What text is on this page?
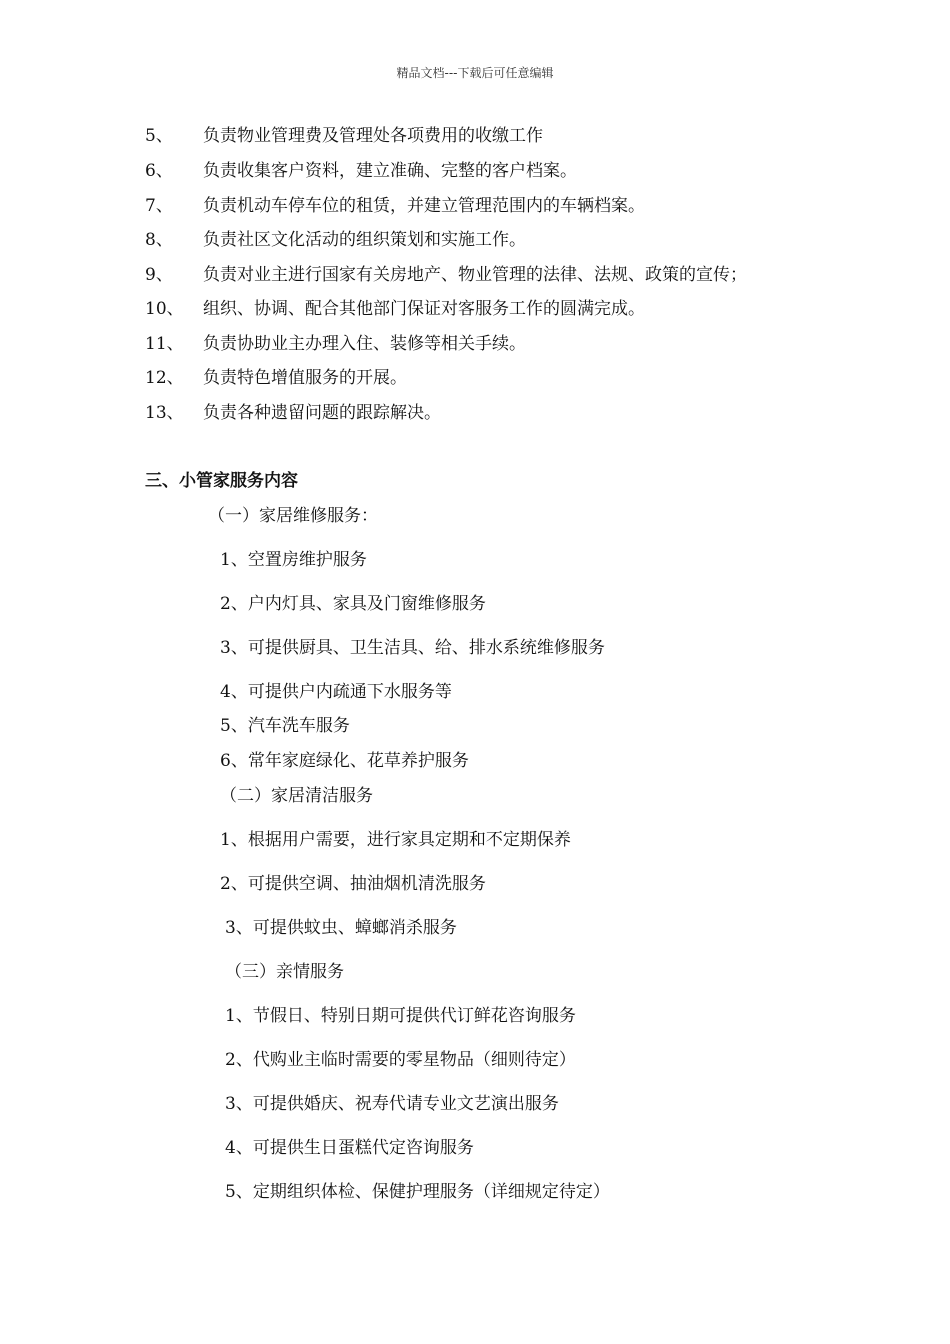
精品文档---下载后可任意编辑
5、 负责物业管理费及管理处各项费用的收缴工作
6、 负责收集客户资料，建立准确、完整的客户档案。
7、 负责机动车停车位的租赁，并建立管理范围内的车辆档案。
8、 负责社区文化活动的组织策划和实施工作。
9、 负责对业主进行国家有关房地产、物业管理的法律、法规、政策的宣传；
10、 组织、协调、配合其他部门保证对客服务工作的圆满完成。
11、 负责协助业主办理入住、装修等相关手续。
12、 负责特色增值服务的开展。
13、 负责各种遗留问题的跟踪解决。
三、小管家服务内容
（一）家居维修服务：
1、空置房维护服务
2、户内灯具、家具及门窗维修服务
3、可提供厨具、卫生洁具、给、排水系统维修服务
4、可提供户内疏通下水服务等
5、汽车洗车服务
6、常年家庭绿化、花草养护服务
（二）家居清洁服务
1、根据用户需要，进行家具定期和不定期保养
2、可提供空调、抽油烟机清洗服务
3、可提供蚊虫、蟑螂消杀服务
（三）亲情服务
1、节假日、特别日期可提供代订鲜花咨询服务
2、代购业主临时需要的零星物品（细则待定）
3、可提供婚庆、祝寿代请专业文艺演出服务
4、可提供生日蛋糕代定咨询服务
5、定期组织体检、保健护理服务（详细规定待定）
